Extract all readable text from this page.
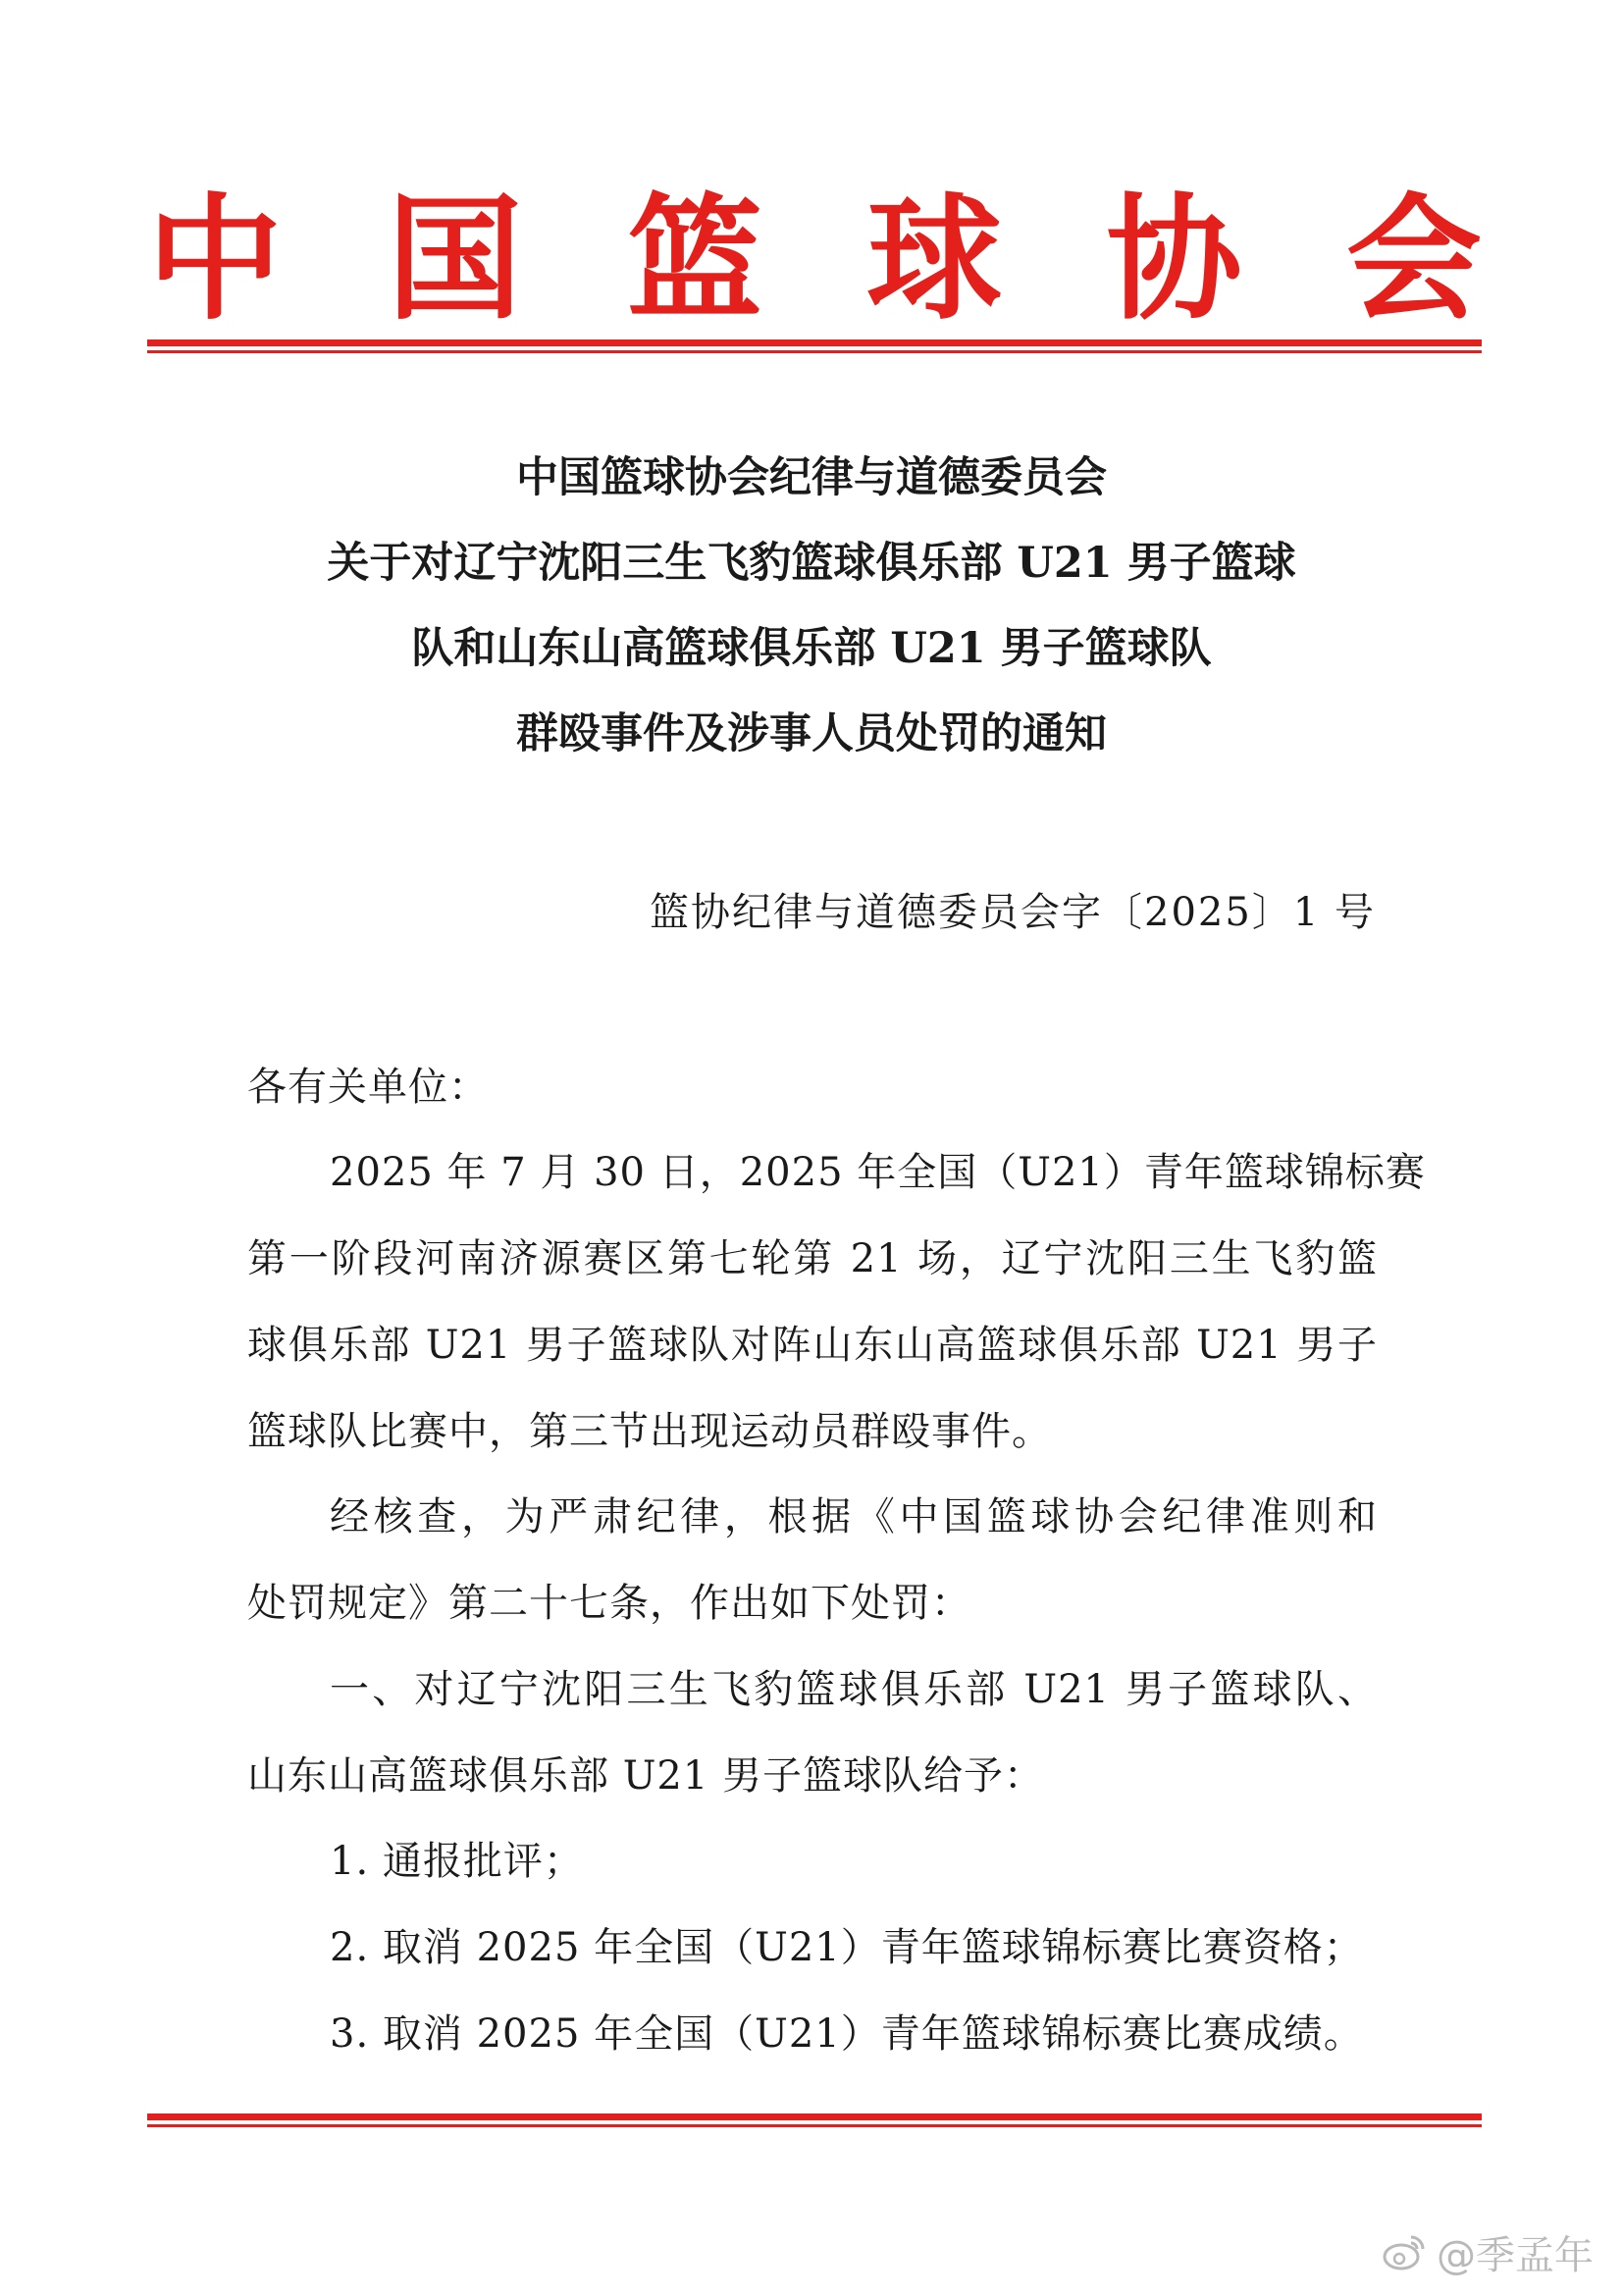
中 国 篮 球 协 会
中国篮球协会纪律与道德委员会
关于对辽宁沈阳三生飞豹篮球俱乐部 U21 男子篮球
队和山东山高篮球俱乐部 U21 男子篮球队
群殴事件及涉事人员处罚的通知
篮协纪律与道德委员会字〔2025〕1 号
各有关单位：
2025 年 7 月 30 日，2025 年全国（U21）青年篮球锦标赛
第一阶段河南济源赛区第七轮第 21 场，辽宁沈阳三生飞豹篮
球俱乐部 U21 男子篮球队对阵山东山高篮球俱乐部 U21 男子
篮球队比赛中，第三节出现运动员群殴事件。
经核查，为严肃纪律，根据《中国篮球协会纪律准则和
处罚规定》第二十七条，作出如下处罚：
一、对辽宁沈阳三生飞豹篮球俱乐部 U21 男子篮球队、
山东山高篮球俱乐部 U21 男子篮球队给予：
1. 通报批评；
2. 取消 2025 年全国（U21）青年篮球锦标赛比赛资格；
3. 取消 2025 年全国（U21）青年篮球锦标赛比赛成绩。
@季孟年
